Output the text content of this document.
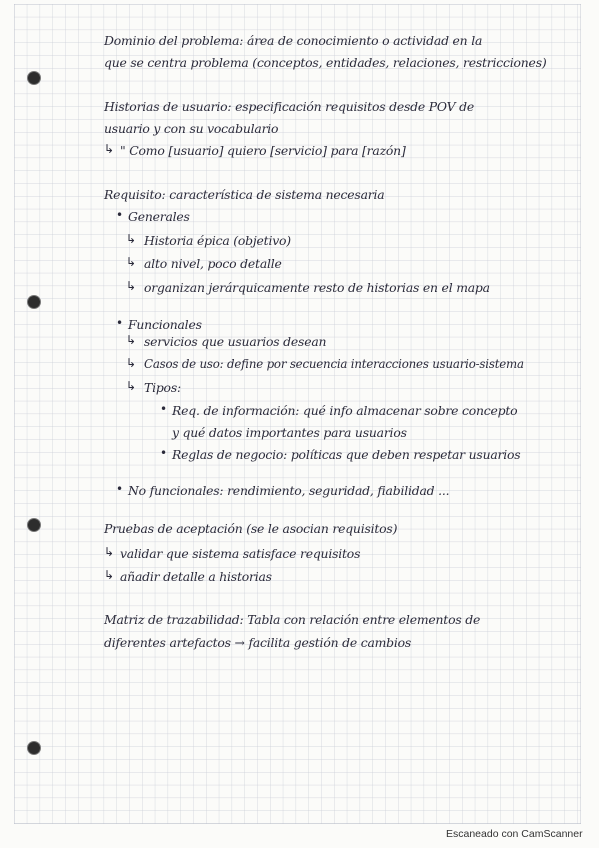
Dominio del problema: área de conocimiento o actividad en la
que se centra problema (conceptos, entidades, relaciones, restricciones)
Historias de usuario: especificación requisitos desde POV de
usuario y con su vocabulario
↳ " Como [usuario] quiero [servicio] para [razón]
Requisito: característica de sistema necesaria
• Generales
↳ Historia épica (objetivo)
↳ alto nivel, poco detalle
↳ organizan jerárquicamente resto de historias en el mapa
• Funcionales
↳ servicios que usuarios desean
↳ Casos de uso: define por secuencia interacciones usuario-sistema
↳ Tipos:
• Req. de información: qué info almacenar sobre concepto
y qué datos importantes para usuarios
• Reglas de negocio: políticas que deben respetar usuarios
• No funcionales: rendimiento, seguridad, fiabilidad ...
Pruebas de aceptación (se le asocian requisitos)
↳ validar que sistema satisface requisitos
↳ añadir detalle a historias
Matriz de trazabilidad: Tabla con relación entre elementos de
diferentes artefactos → facilita gestión de cambios
Escaneado con CamScanner
